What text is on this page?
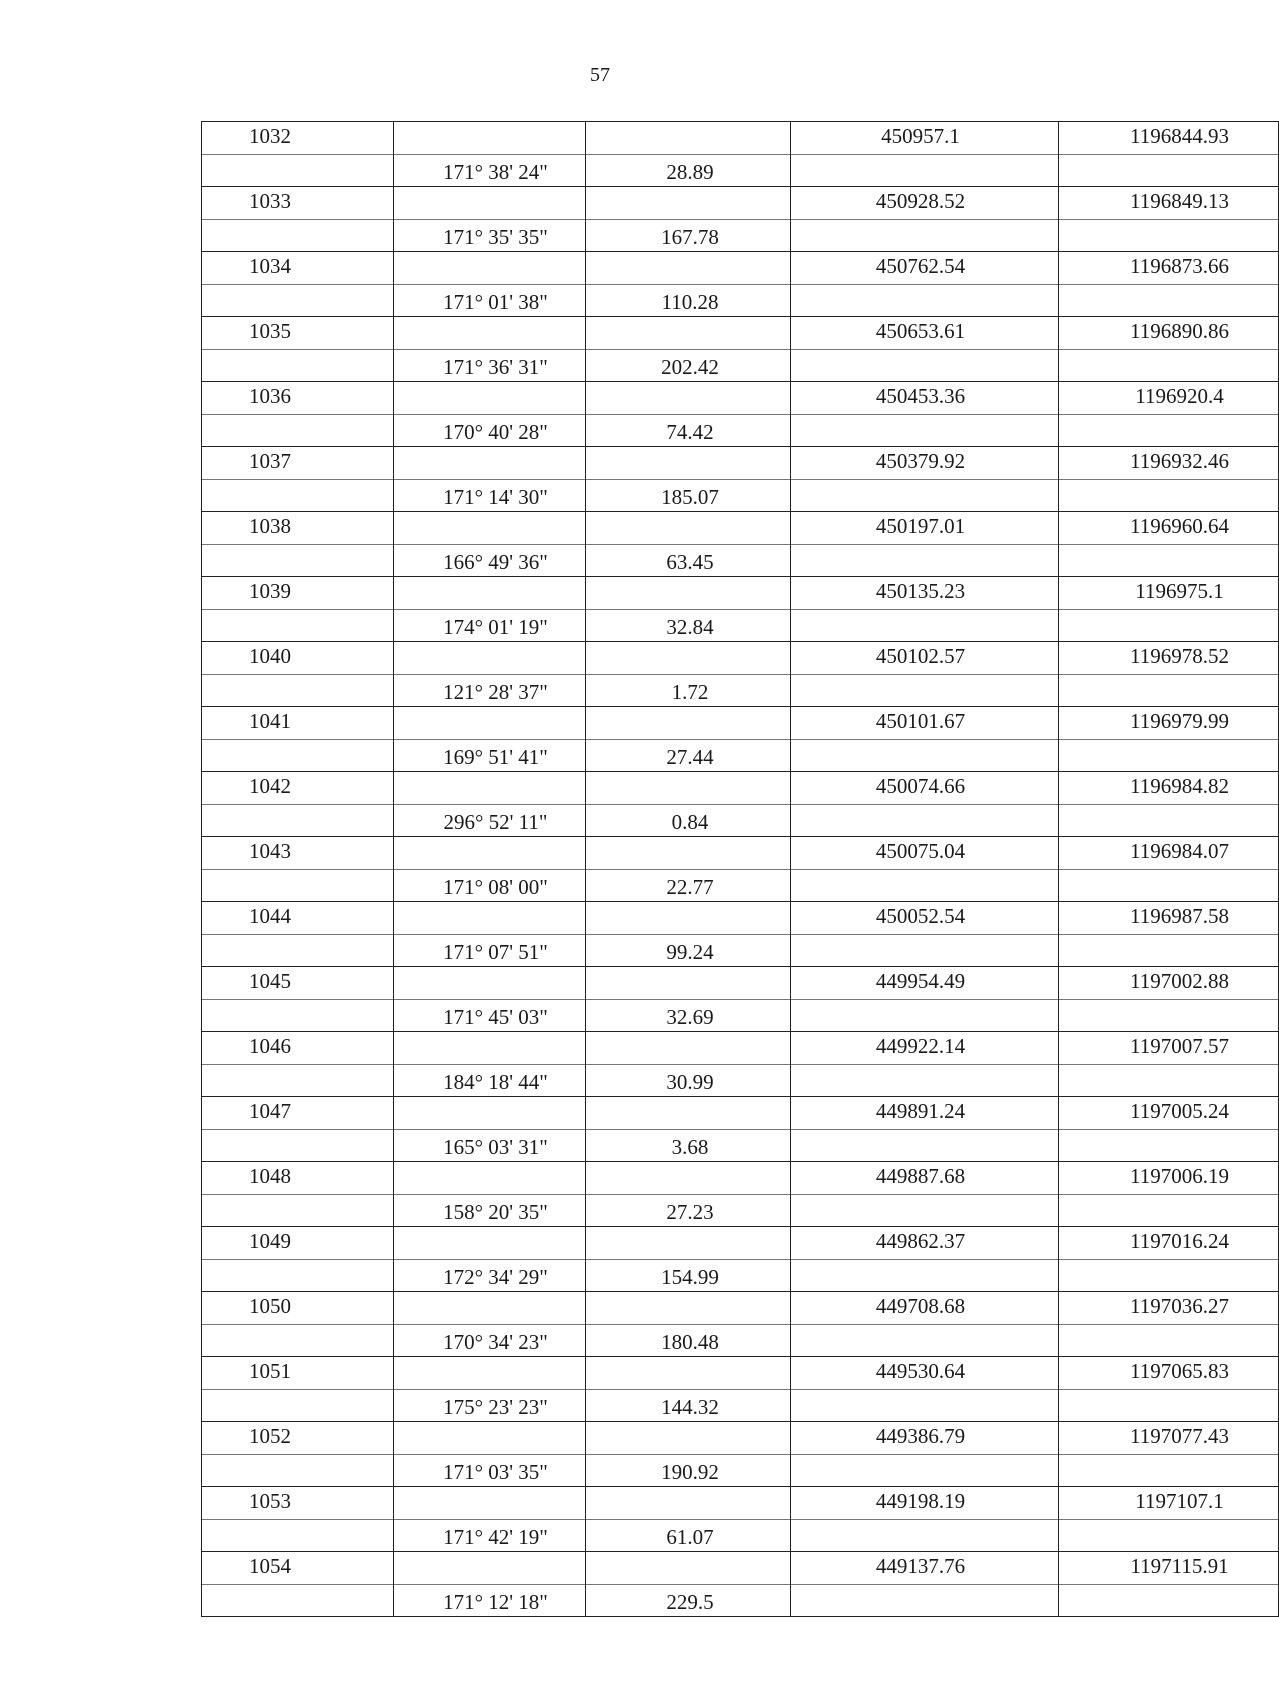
57
1032			450957.1	1196844.93
	171° 38' 24"	28.89		
1033			450928.52	1196849.13
	171° 35' 35"	167.78		
1034			450762.54	1196873.66
	171° 01' 38"	110.28		
1035			450653.61	1196890.86
	171° 36' 31"	202.42		
1036			450453.36	1196920.4
	170° 40' 28"	74.42		
1037			450379.92	1196932.46
	171° 14' 30"	185.07		
1038			450197.01	1196960.64
	166° 49' 36"	63.45		
1039			450135.23	1196975.1
	174° 01' 19"	32.84		
1040			450102.57	1196978.52
	121° 28' 37"	1.72		
1041			450101.67	1196979.99
	169° 51' 41"	27.44		
1042			450074.66	1196984.82
	296° 52' 11"	0.84		
1043			450075.04	1196984.07
	171° 08' 00"	22.77		
1044			450052.54	1196987.58
	171° 07' 51"	99.24		
1045			449954.49	1197002.88
	171° 45' 03"	32.69		
1046			449922.14	1197007.57
	184° 18' 44"	30.99		
1047			449891.24	1197005.24
	165° 03' 31"	3.68		
1048			449887.68	1197006.19
	158° 20' 35"	27.23		
1049			449862.37	1197016.24
	172° 34' 29"	154.99		
1050			449708.68	1197036.27
	170° 34' 23"	180.48		
1051			449530.64	1197065.83
	175° 23' 23"	144.32		
1052			449386.79	1197077.43
	171° 03' 35"	190.92		
1053			449198.19	1197107.1
	171° 42' 19"	61.07		
1054			449137.76	1197115.91
	171° 12' 18"	229.5		
